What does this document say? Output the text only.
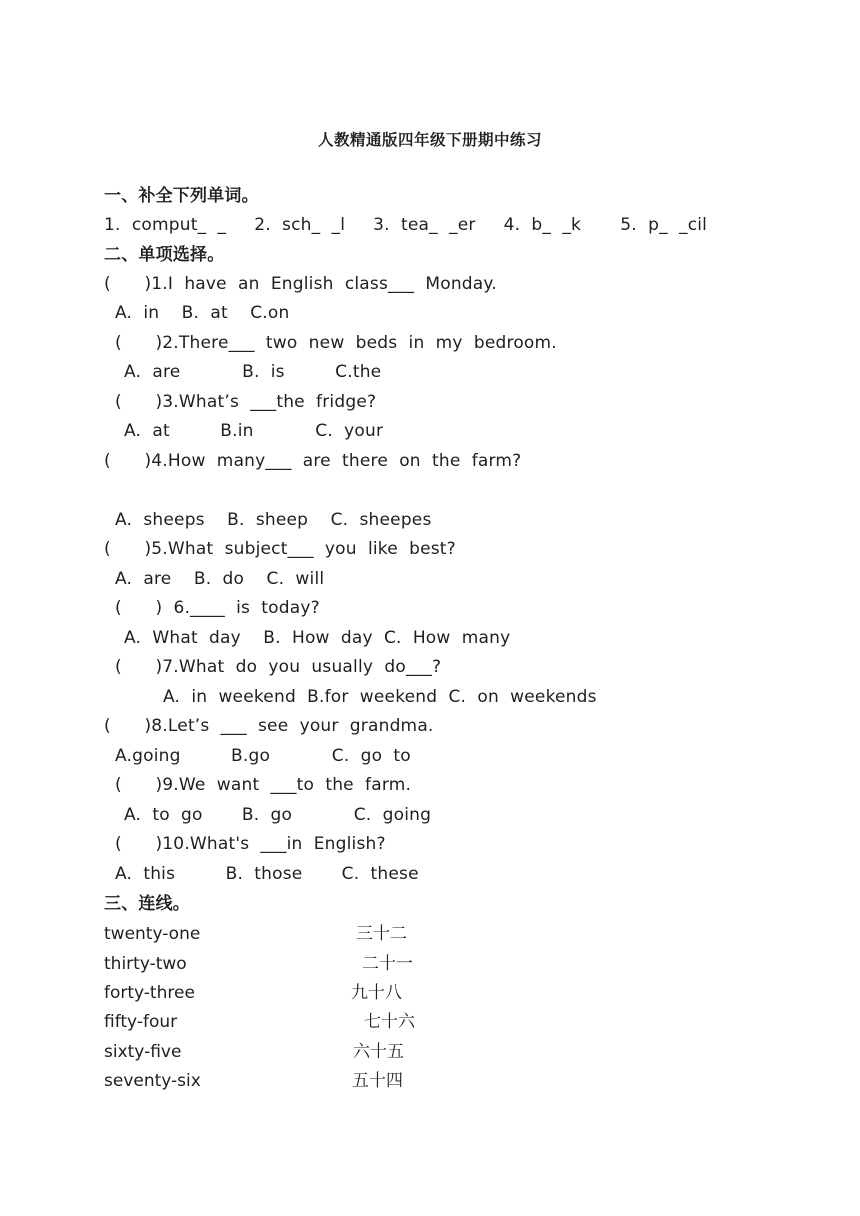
人教精通版四年级下册期中练习
一、补全下列单词。
1.  comput_  _     2.  sch_  _l     3.  tea_  _er     4.  b_  _k       5.  p_  _cil
二、单项选择。
(      )1.I  have  an  English  class___  Monday.
A.  in    B.  at    C.on
(      )2.There___  two  new  beds  in  my  bedroom.
A.  are           B.  is         C.the
(      )3.What’s  ___the  fridge?
A.  at         B.in           C.  your
(      )4.How  many___  are  there  on  the  farm?
A.  sheeps    B.  sheep    C.  sheepes
(      )5.What  subject___  you  like  best?
A.  are    B.  do    C.  will
(      )  6.____  is  today?
A.  What  day    B.  How  day  C.  How  many
(      )7.What  do  you  usually  do___?
A.  in  weekend  B.for  weekend  C.  on  weekends
(      )8.Let’s  ___  see  your  grandma.
A.going         B.go           C.  go  to
(      )9.We  want  ___to  the  farm.
A.  to  go       B.  go           C.  going
(      )10.What's  ___in  English?
A.  this         B.  those       C.  these
三、连线。
twenty-one
thirty-two
forty-three
fifty-four
sixty-five
seventy-six
三十二
二十一
九十八
七十六
六十五
五十四
